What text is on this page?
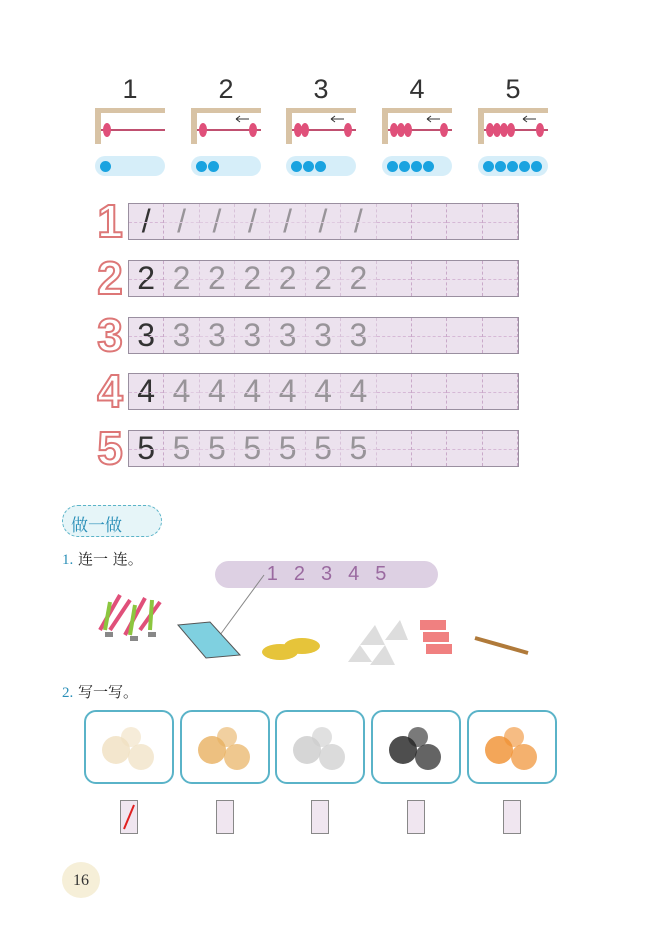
1	2	3	4	5
1 / / / / / / /
2 2 2 2 2 2 2 2
3 3 3 3 3 3 3 3
4 4 4 4 4 4 4 4
5 5 5 5 5 5 5 5
做一做
1. 连一 连。
1 2 3 4 5
2. 写一写。
16
